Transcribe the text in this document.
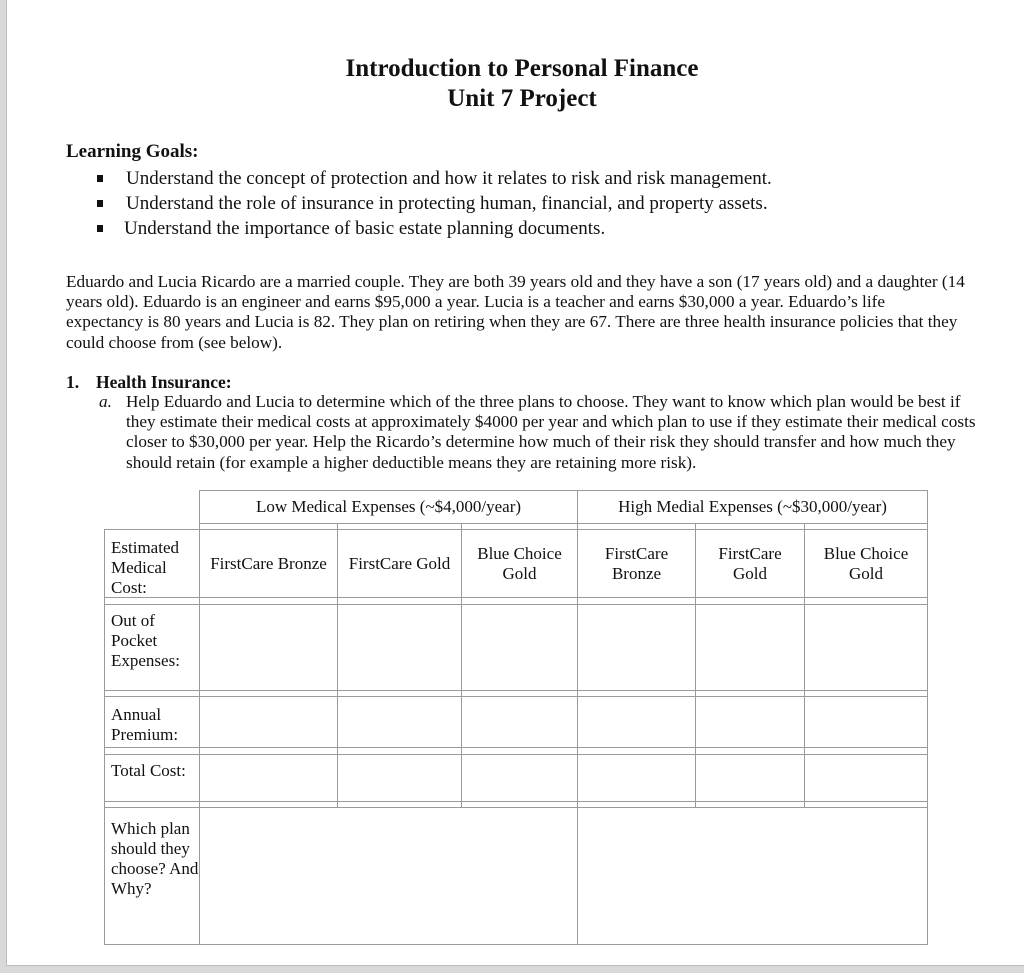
Introduction to Personal Finance
Unit 7 Project
Learning Goals:
Understand the concept of protection and how it relates to risk and risk management.
Understand the role of insurance in protecting human, financial, and property assets.
Understand the importance of basic estate planning documents.
Eduardo and Lucia Ricardo are a married couple. They are both 39 years old and they have a son (17 years old) and a daughter (14 years old). Eduardo is an engineer and earns $95,000 a year. Lucia is a teacher and earns $30,000 a year. Eduardo’s life expectancy is 80 years and Lucia is 82. They plan on retiring when they are 67. There are three health insurance policies that they could choose from (see below).
1. Health Insurance:
a. Help Eduardo and Lucia to determine which of the three plans to choose. They want to know which plan would be best if they estimate their medical costs at approximately $4000 per year and which plan to use if they estimate their medical costs closer to $30,000 per year. Help the Ricardo’s determine how much of their risk they should transfer and how much they should retain (for example a higher deductible means they are retaining more risk).
Low Medical Expenses (~$4,000/year)	High Medial Expenses (~$30,000/year)
FirstCare Bronze	FirstCare Gold
Blue Choice Gold
FirstCare Bronze
FirstCare Gold
Blue Choice Gold
Estimated Medical Cost:
Out of Pocket Expenses:
Annual Premium:
Total Cost:
Which plan should they choose? And Why?
